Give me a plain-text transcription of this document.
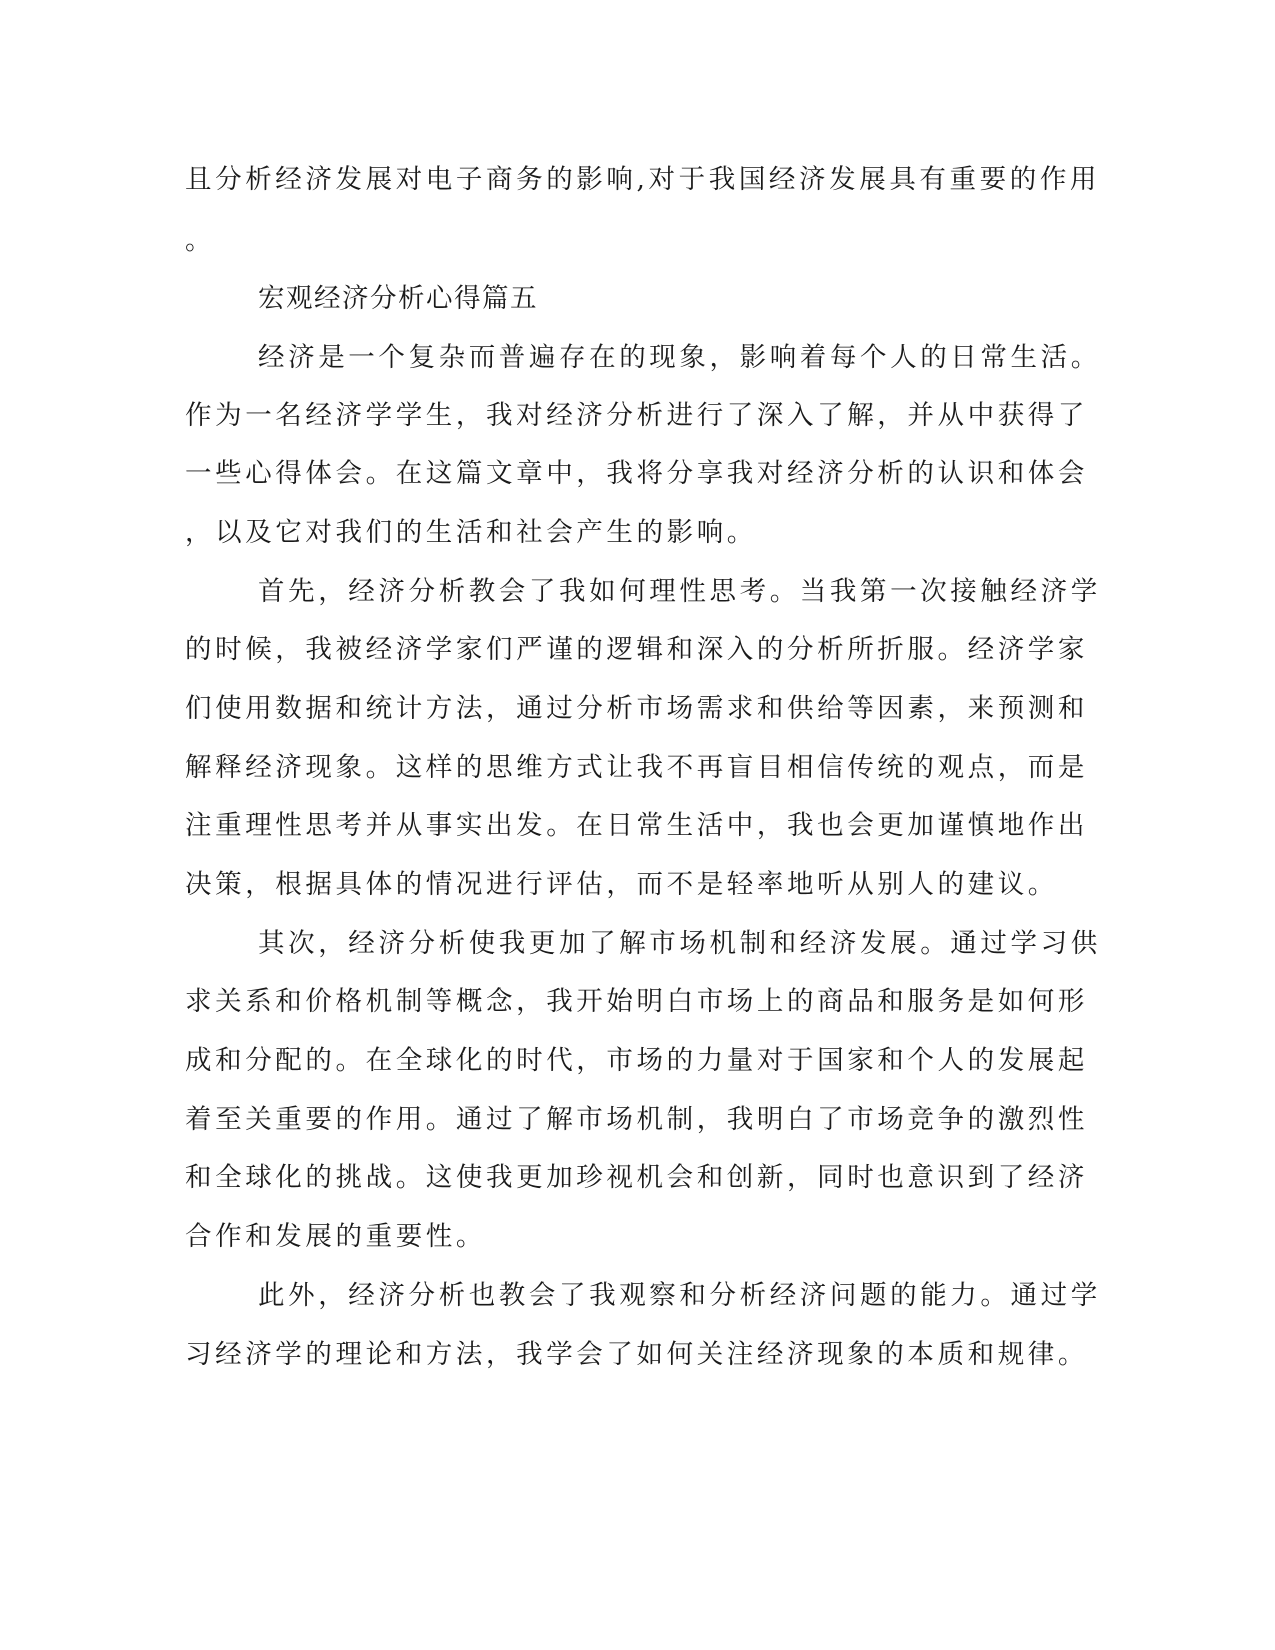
且分析经济发展对电子商务的影响,对于我国经济发展具有重要的作用
。
宏观经济分析心得篇五
经济是一个复杂而普遍存在的现象，影响着每个人的日常生活。
作为一名经济学学生，我对经济分析进行了深入了解，并从中获得了
一些心得体会。在这篇文章中，我将分享我对经济分析的认识和体会
，以及它对我们的生活和社会产生的影响。
首先，经济分析教会了我如何理性思考。当我第一次接触经济学
的时候，我被经济学家们严谨的逻辑和深入的分析所折服。经济学家
们使用数据和统计方法，通过分析市场需求和供给等因素，来预测和
解释经济现象。这样的思维方式让我不再盲目相信传统的观点，而是
注重理性思考并从事实出发。在日常生活中，我也会更加谨慎地作出
决策，根据具体的情况进行评估，而不是轻率地听从别人的建议。
其次，经济分析使我更加了解市场机制和经济发展。通过学习供
求关系和价格机制等概念，我开始明白市场上的商品和服务是如何形
成和分配的。在全球化的时代，市场的力量对于国家和个人的发展起
着至关重要的作用。通过了解市场机制，我明白了市场竞争的激烈性
和全球化的挑战。这使我更加珍视机会和创新，同时也意识到了经济
合作和发展的重要性。
此外，经济分析也教会了我观察和分析经济问题的能力。通过学
习经济学的理论和方法，我学会了如何关注经济现象的本质和规律。
